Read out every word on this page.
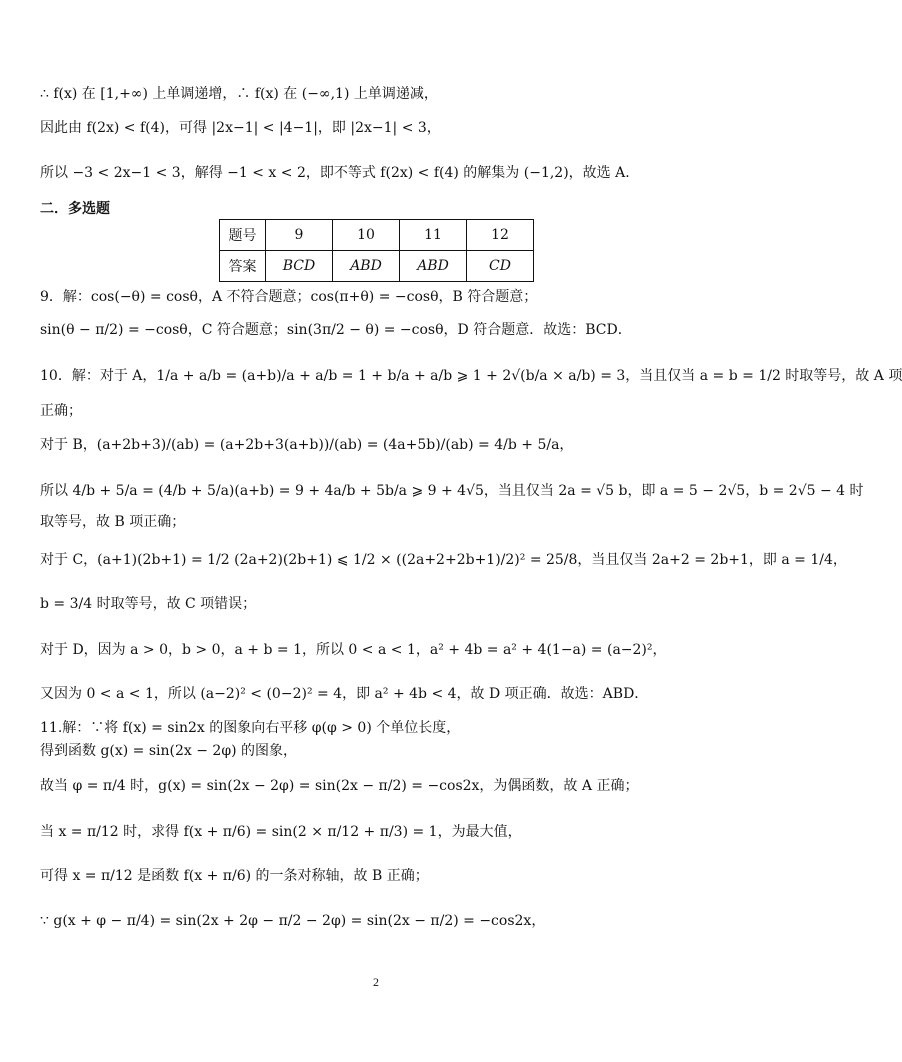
∴ f(x) 在 [1,+∞) 上单调递增，∴ f(x) 在 (−∞,1) 上单调递减，
因此由 f(2x) < f(4)，可得 |2x−1| < |4−1|，即 |2x−1| < 3，
所以 −3 < 2x−1 < 3，解得 −1 < x < 2，即不等式 f(2x) < f(4) 的解集为 (−1,2)，故选 A.
二．多选题
题号	9	10	11	12
答案	BCD	ABD	ABD	CD
9．解：cos(−θ) = cosθ，A 不符合题意；cos(π+θ) = −cosθ，B 符合题意；
sin(θ − π/2) = −cosθ，C 符合题意；sin(3π/2 − θ) = −cosθ，D 符合题意．故选：BCD．
10．解：对于 A，1/a + a/b = (a+b)/a + a/b = 1 + b/a + a/b ⩾ 1 + 2√(b/a × a/b) = 3，当且仅当 a = b = 1/2 时取等号，故 A 项
正确；
对于 B，(a+2b+3)/(ab) = (a+2b+3(a+b))/(ab) = (4a+5b)/(ab) = 4/b + 5/a，
所以 4/b + 5/a = (4/b + 5/a)(a+b) = 9 + 4a/b + 5b/a ⩾ 9 + 4√5，当且仅当 2a = √5 b，即 a = 5 − 2√5，b = 2√5 − 4 时
取等号，故 B 项正确；
对于 C，(a+1)(2b+1) = 1/2 (2a+2)(2b+1) ⩽ 1/2 × ((2a+2+2b+1)/2)² = 25/8，当且仅当 2a+2 = 2b+1，即 a = 1/4，
b = 3/4 时取等号，故 C 项错误；
对于 D，因为 a > 0，b > 0，a + b = 1，所以 0 < a < 1，a² + 4b = a² + 4(1−a) = (a−2)²，
又因为 0 < a < 1，所以 (a−2)² < (0−2)² = 4，即 a² + 4b < 4，故 D 项正确．故选：ABD．
11.解：∵将 f(x) = sin2x 的图象向右平移 φ(φ > 0) 个单位长度，
得到函数 g(x) = sin(2x − 2φ) 的图象，
故当 φ = π/4 时，g(x) = sin(2x − 2φ) = sin(2x − π/2) = −cos2x，为偶函数，故 A 正确；
当 x = π/12 时，求得 f(x + π/6) = sin(2 × π/12 + π/3) = 1，为最大值，
可得 x = π/12 是函数 f(x + π/6) 的一条对称轴，故 B 正确；
∵ g(x + φ − π/4) = sin(2x + 2φ − π/2 − 2φ) = sin(2x − π/2) = −cos2x，
2
